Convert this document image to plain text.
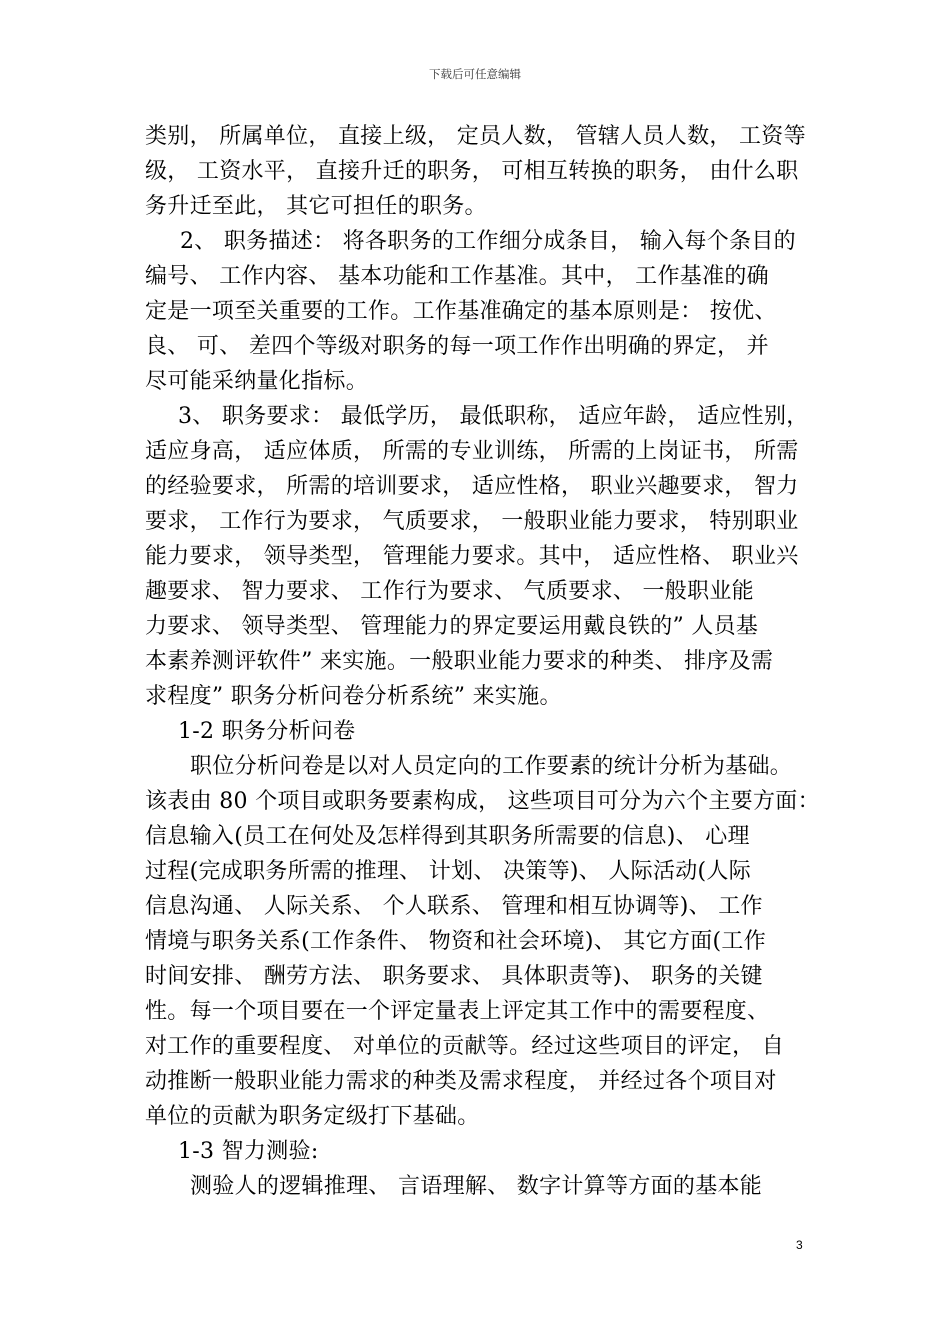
下载后可任意编辑
类别， 所属单位， 直接上级， 定员人数， 管辖人员人数， 工资等
级， 工资水平， 直接升迁的职务， 可相互转换的职务， 由什么职
务升迁至此， 其它可担任的职务。
2、 职务描述： 将各职务的工作细分成条目， 输入每个条目的
编号、 工作内容、 基本功能和工作基准。其中， 工作基准的确
定是一项至关重要的工作。工作基准确定的基本原则是： 按优、
良、 可、 差四个等级对职务的每一项工作作出明确的界定， 并
尽可能采纳量化指标。
3、 职务要求： 最低学历， 最低职称， 适应年龄， 适应性别，
适应身高， 适应体质， 所需的专业训练， 所需的上岗证书， 所需
的经验要求， 所需的培训要求， 适应性格， 职业兴趣要求， 智力
要求， 工作行为要求， 气质要求， 一般职业能力要求， 特别职业
能力要求， 领导类型， 管理能力要求。其中， 适应性格、 职业兴
趣要求、 智力要求、 工作行为要求、 气质要求、 一般职业能
力要求、 领导类型、 管理能力的界定要运用戴良铁的” 人员基
本素养测评软件” 来实施。一般职业能力要求的种类、 排序及需
求程度” 职务分析问卷分析系统” 来实施。
1-2 职务分析问卷
职位分析问卷是以对人员定向的工作要素的统计分析为基础。
该表由 80 个项目或职务要素构成， 这些项目可分为六个主要方面：
信息输入(员工在何处及怎样得到其职务所需要的信息)、 心理
过程(完成职务所需的推理、 计划、 决策等)、 人际活动(人际
信息沟通、 人际关系、 个人联系、 管理和相互协调等)、 工作
情境与职务关系(工作条件、 物资和社会环境)、 其它方面(工作
时间安排、 酬劳方法、 职务要求、 具体职责等)、 职务的关键
性。每一个项目要在一个评定量表上评定其工作中的需要程度、
对工作的重要程度、 对单位的贡献等。经过这些项目的评定， 自
动推断一般职业能力需求的种类及需求程度， 并经过各个项目对
单位的贡献为职务定级打下基础。
1-3 智力测验:
测验人的逻辑推理、 言语理解、 数字计算等方面的基本能
3
